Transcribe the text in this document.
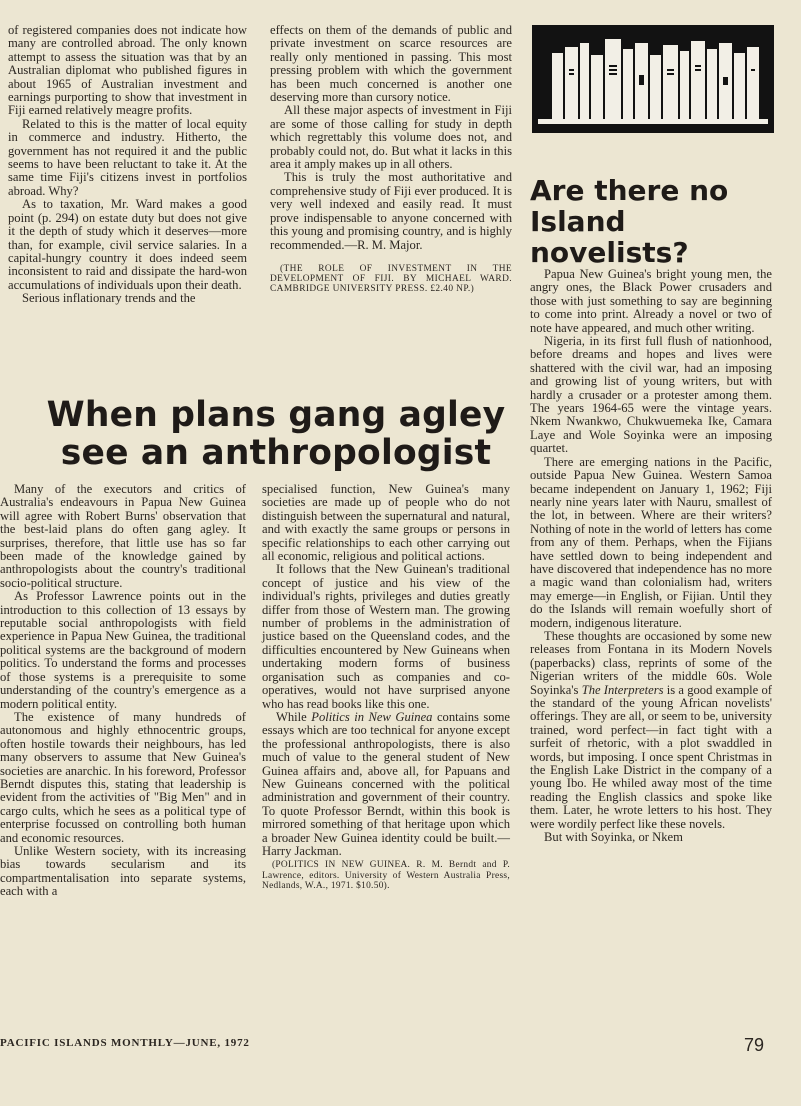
of registered companies does not indicate how many are controlled abroad. The only known attempt to assess the situation was that by an Australian diplomat who published figures in about 1965 of Australian investment and earnings purporting to show that investment in Fiji earned relatively meagre profits.

Related to this is the matter of local equity in commerce and industry. Hitherto, the government has not required it and the public seems to have been reluctant to take it. At the same time Fiji's citizens invest in portfolios abroad. Why?

As to taxation, Mr. Ward makes a good point (p. 294) on estate duty but does not give it the depth of study which it deserves—more than, for example, civil service salaries. In a capital-hungry country it does indeed seem inconsistent to raid and dissipate the hard-won accumulations of individuals upon their death.

Serious inflationary trends and the

effects on them of the demands of public and private investment on scarce resources are really only mentioned in passing. This most pressing problem with which the government has been much concerned is another one deserving more than cursory notice.

All these major aspects of investment in Fiji are some of those calling for study in depth which regrettably this volume does not, and probably could not, do. But what it lacks in this area it amply makes up in all others.

This is truly the most authoritative and comprehensive study of Fiji ever produced. It is very well indexed and easily read. It must prove indispensable to anyone concerned with this young and promising country, and is highly recommended.—R. M. Major.

(THE ROLE OF INVESTMENT IN THE DEVELOPMENT OF FIJI. BY MICHAEL WARD. CAMBRIDGE UNIVERSITY PRESS. £2.40 NP.)

When plans gang agley see an anthropologist
Are there no Island novelists?

Papua New Guinea's bright young men, the angry ones, the Black Power crusaders and those with just something to say are beginning to come into print. Already a novel or two of note have appeared, and much other writing.

Nigeria, in its first full flush of nationhood, before dreams and hopes and lives were shattered with the civil war, had an imposing and growing list of young writers, but with hardly a crusader or a protester among them. The years 1964-65 were the vintage years. Nkem Nwankwo, Chukwuemeka Ike, Camara Laye and Wole Soyinka were an imposing quartet.

There are emerging nations in the Pacific, outside Papua New Guinea. Western Samoa became independent on January 1, 1962; Fiji nearly nine years later with Nauru, smallest of the lot, in between. Where are their writers? Nothing of note in the world of letters has come from any of them. Perhaps, when the Fijians have settled down to being independent and have discovered that independence has no more a magic wand than colonialism had, writers may emerge—in English, or Fijian. Until they do the Islands will remain woefully short of modern, indigenous literature.

These thoughts are occasioned by some new releases from Fontana in its Modern Novels (paperbacks) class, reprints of some of the Nigerian writers of the middle 60s. Wole Soyinka's The Interpreters is a good example of the standard of the young African novelists' offerings. They are all, or seem to be, university trained, word perfect—in fact tight with a surfeit of rhetoric, with a plot swaddled in words, but imposing. I once spent Christmas in the English Lake District in the company of a young Ibo. He whiled away most of the time reading the English classics and spoke like them. Later, he wrote letters to his host. They were wordily perfect like these novels.

But with Soyinka, or Nkem

Many of the executors and critics of Australia's endeavours in Papua New Guinea will agree with Robert Burns' observation that the best-laid plans do often gang agley. It surprises, therefore, that little use has so far been made of the knowledge gained by anthropologists about the country's traditional socio-political structure.

As Professor Lawrence points out in the introduction to this collection of 13 essays by reputable social anthropologists with field experience in Papua New Guinea, the traditional political systems are the background of modern politics. To understand the forms and processes of those systems is a prerequisite to some understanding of the country's emergence as a modern political entity.

The existence of many hundreds of autonomous and highly ethnocentric groups, often hostile towards their neighbours, has led many observers to assume that New Guinea's societies are anarchic. In his foreword, Professor Berndt disputes this, stating that leadership is evident from the activities of "Big Men" and in cargo cults, which he sees as a political type of enterprise focussed on controlling both human and economic resources.

Unlike Western society, with its increasing bias towards secularism and its compartmentalisation into separate systems, each with a

specialised function, New Guinea's many societies are made up of people who do not distinguish between the supernatural and natural, and with exactly the same groups or persons in specific relationships to each other carrying out all economic, religious and political actions.

It follows that the New Guinean's traditional concept of justice and his view of the individual's rights, privileges and duties greatly differ from those of Western man. The growing number of problems in the administration of justice based on the Queensland codes, and the difficulties encountered by New Guineans when undertaking modern forms of business organisation such as companies and co-operatives, would not have surprised anyone who has read books like this one.

While Politics in New Guinea contains some essays which are too technical for anyone except the professional anthropologists, there is also much of value to the general student of New Guinea affairs and, above all, for Papuans and New Guineans concerned with the political administration and government of their country. To quote Professor Berndt, within this book is mirrored something of that heritage upon which a broader New Guinea identity could be built.—Harry Jackman.

(POLITICS IN NEW GUINEA. R. M. Berndt and P. Lawrence, editors. University of Western Australia Press, Nedlands, W.A., 1971. $10.50).

PACIFIC ISLANDS MONTHLY—JUNE, 1972	79
